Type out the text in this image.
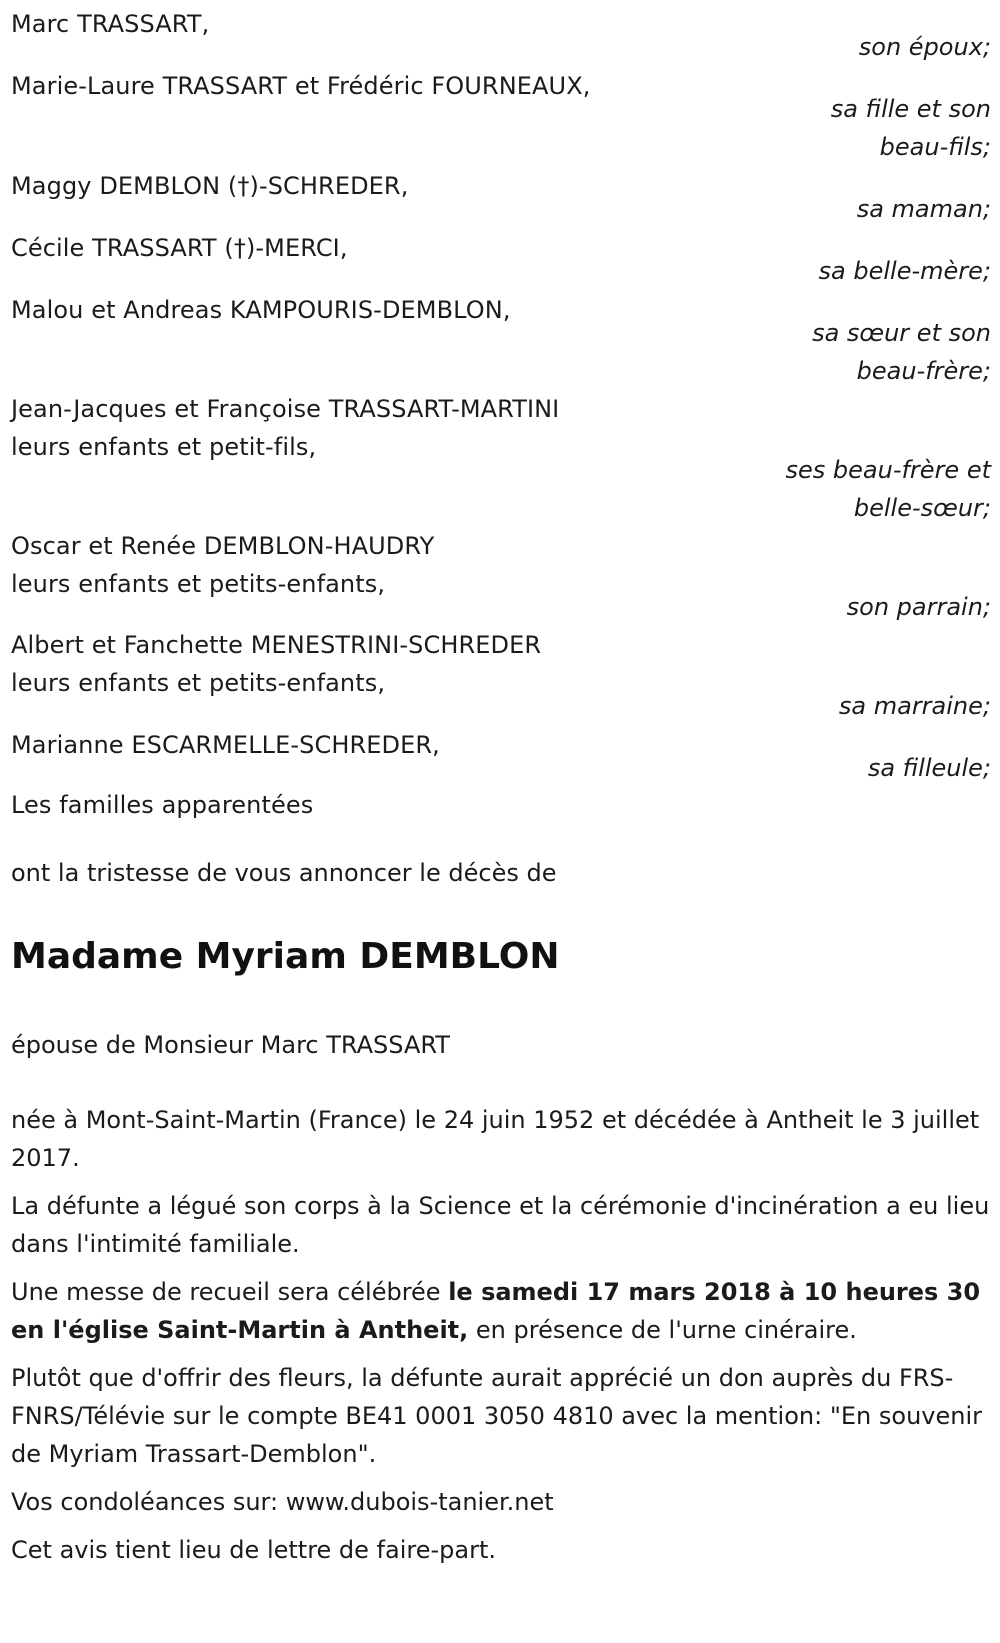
Marc TRASSART,
son époux;
Marie-Laure TRASSART et Frédéric FOURNEAUX,
sa fille et son
beau-fils;
Maggy DEMBLON (†)-SCHREDER,
sa maman;
Cécile TRASSART (†)-MERCI,
sa belle-mère;
Malou et Andreas KAMPOURIS-DEMBLON,
sa sœur et son
beau-frère;
Jean-Jacques et Françoise TRASSART-MARTINI
leurs enfants et petit-fils,
ses beau-frère et
belle-sœur;
Oscar et Renée DEMBLON-HAUDRY
leurs enfants et petits-enfants,
son parrain;
Albert et Fanchette MENESTRINI-SCHREDER
leurs enfants et petits-enfants,
sa marraine;
Marianne ESCARMELLE-SCHREDER,
sa filleule;
Les familles apparentées
ont la tristesse de vous annoncer le décès de
Madame Myriam DEMBLON
épouse de Monsieur Marc TRASSART
née à Mont-Saint-Martin (France) le 24 juin 1952 et décédée à Antheit le 3 juillet 2017.
La défunte a légué son corps à la Science et la cérémonie d'incinération a eu lieu dans l'intimité familiale.
Une messe de recueil sera célébrée le samedi 17 mars 2018 à 10 heures 30 en l'église Saint-Martin à Antheit, en présence de l'urne cinéraire.
Plutôt que d'offrir des fleurs, la défunte aurait apprécié un don auprès du FRS-FNRS/Télévie sur le compte BE41 0001 3050 4810 avec la mention: "En souvenir de Myriam Trassart-Demblon".
Vos condoléances sur: www.dubois-tanier.net
Cet avis tient lieu de lettre de faire-part.
